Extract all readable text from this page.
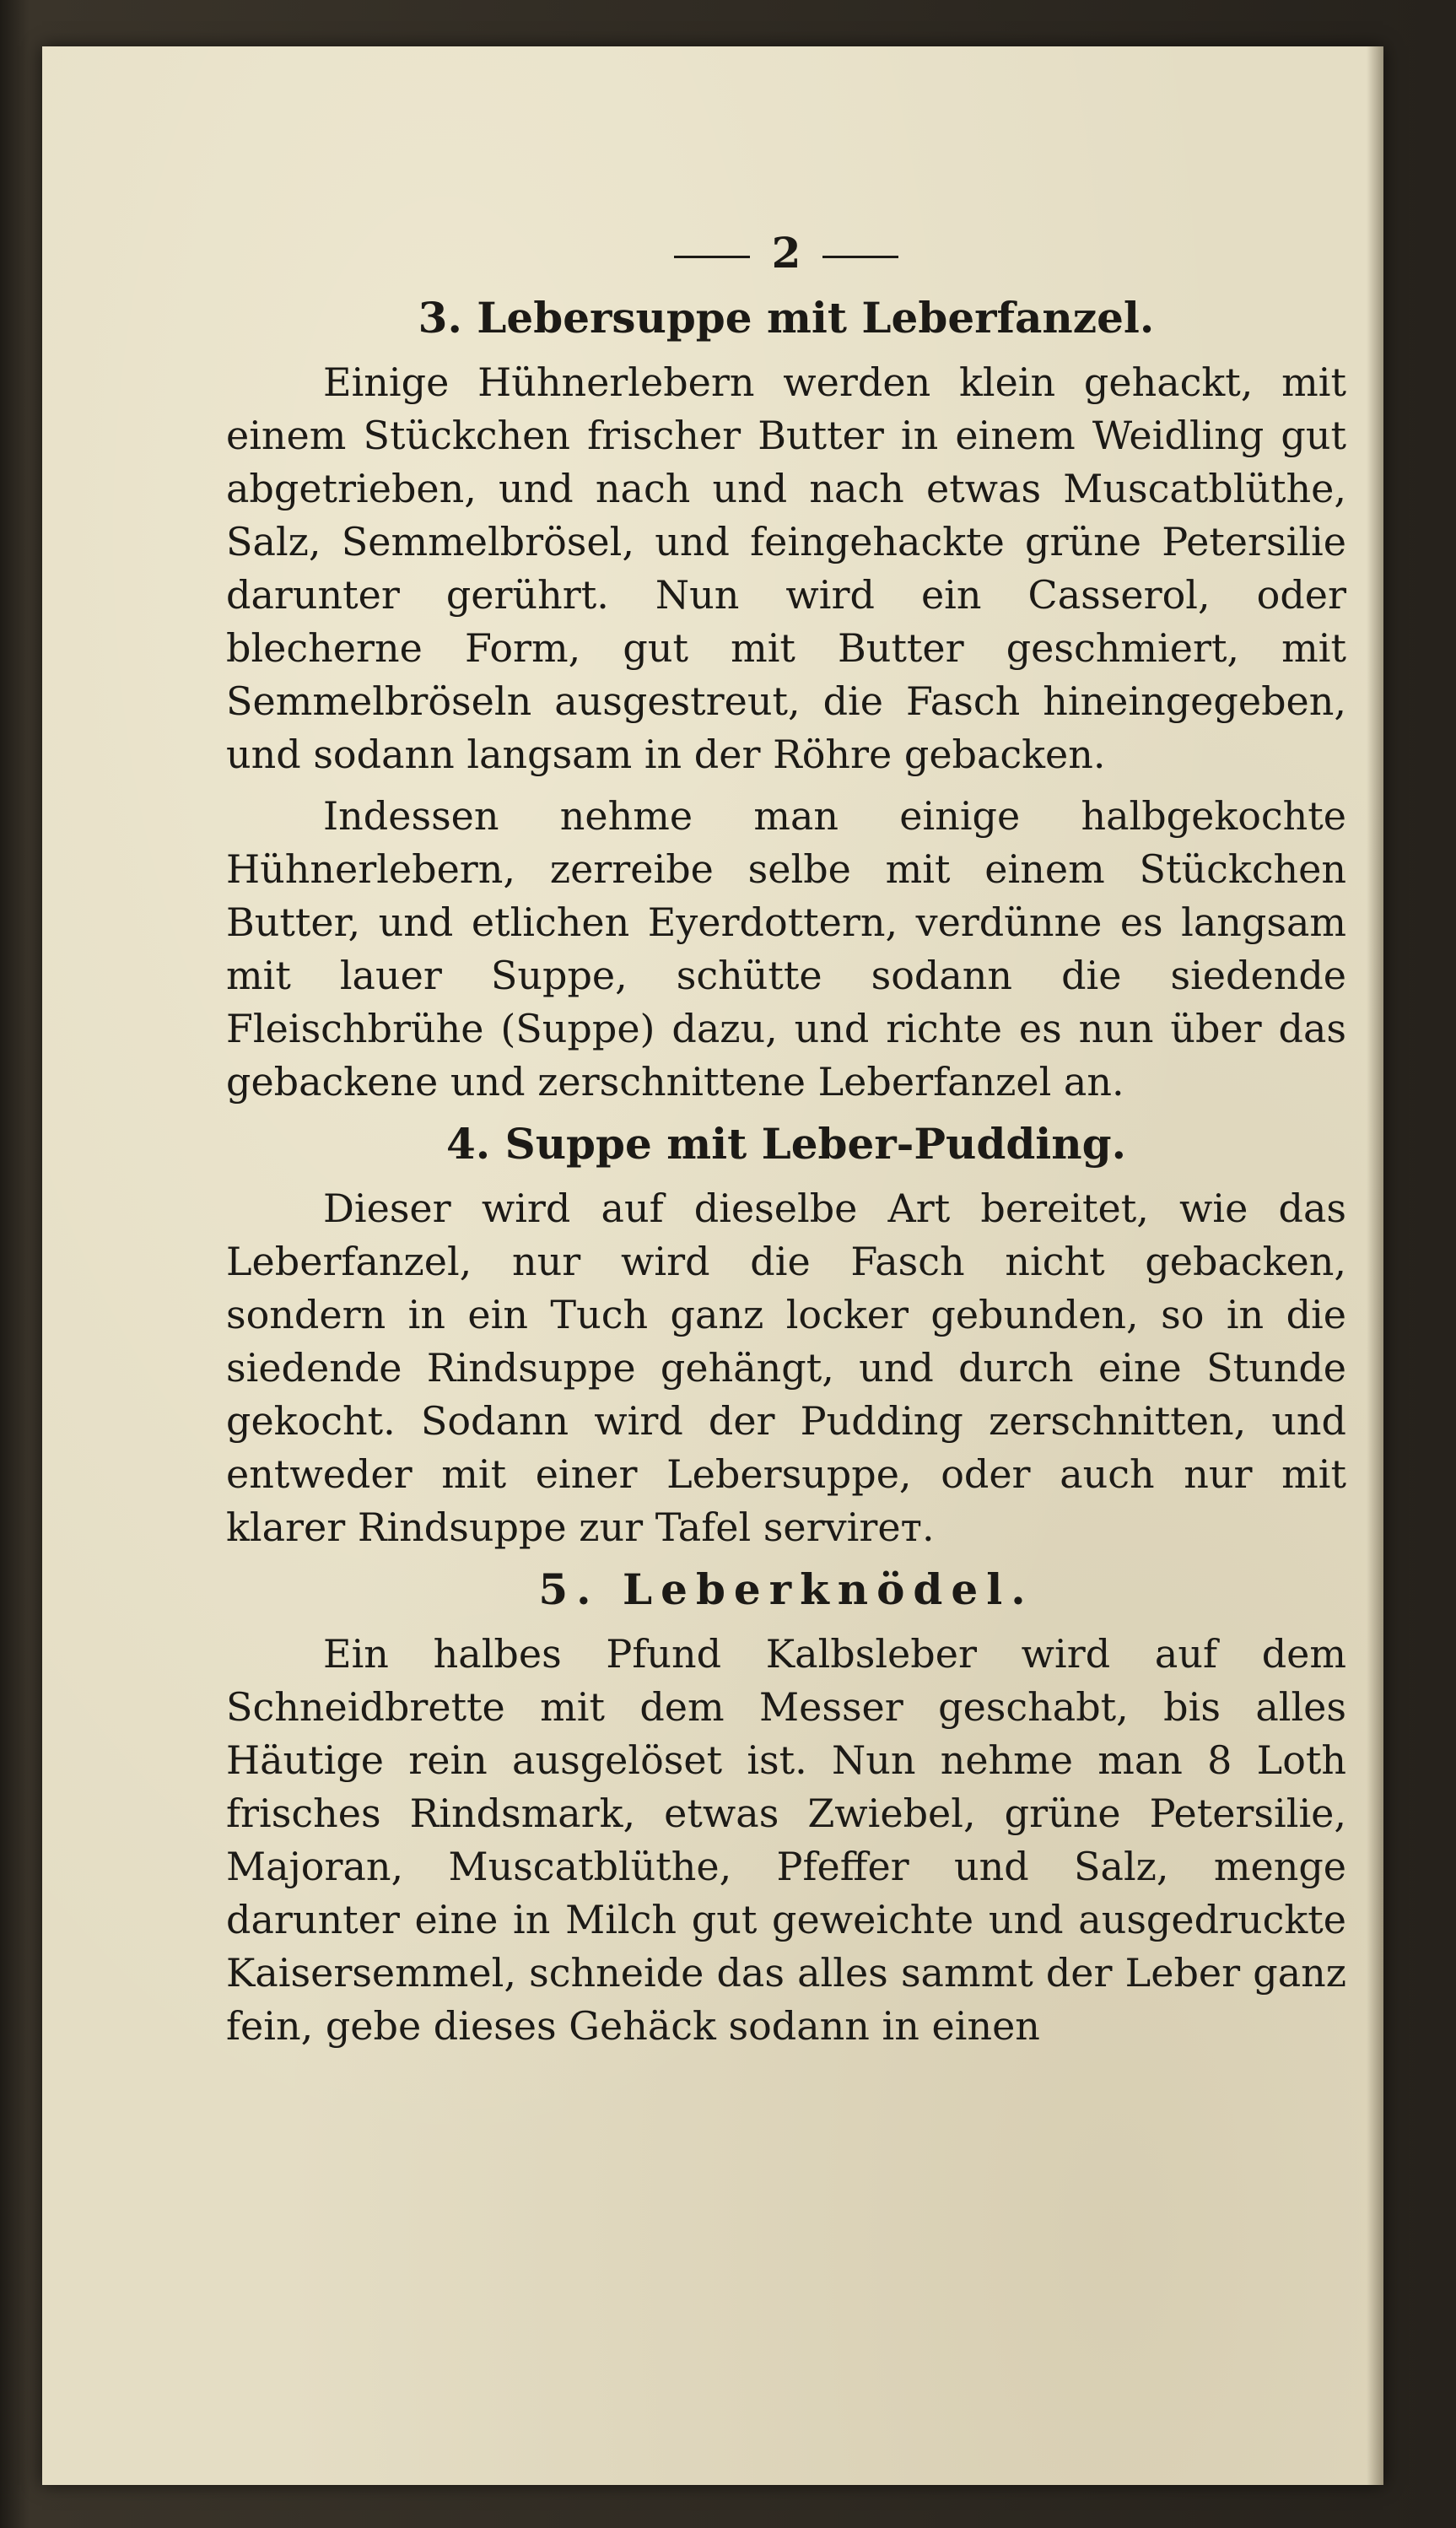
2
3. Lebersuppe mit Leberfanzel.

Einige Hühnerlebern werden klein gehackt, mit einem Stückchen frischer Butter in einem Weidling gut abgetrieben, und nach und nach etwas Muscatblüthe, Salz, Semmelbrösel, und feingehackte grüne Petersilie darunter gerührt. Nun wird ein Casserol, oder blecherne Form, gut mit Butter geschmiert, mit Semmelbröseln ausgestreut, die Fasch hineingegeben, und sodann langsam in der Röhre gebacken.

Indessen nehme man einige halbgekochte Hühnerlebern, zerreibe selbe mit einem Stückchen Butter, und etlichen Eyerdottern, verdünne es langsam mit lauer Suppe, schütte sodann die siedende Fleischbrühe (Suppe) dazu, und richte es nun über das gebackene und zerschnittene Leberfanzel an.

4. Suppe mit Leber-Pudding.

Dieser wird auf dieselbe Art bereitet, wie das Leberfanzel, nur wird die Fasch nicht gebacken, sondern in ein Tuch ganz locker gebunden, so in die siedende Rindsuppe gehängt, und durch eine Stunde gekocht. Sodann wird der Pudding zerschnitten, und entweder mit einer Lebersuppe, oder auch nur mit klarer Rindsuppe zur Tafel servirет.

5. Leberknödel.

Ein halbes Pfund Kalbsleber wird auf dem Schneidbrette mit dem Messer geschabt, bis alles Häutige rein ausgelöset ist. Nun nehme man 8 Loth frisches Rindsmark, etwas Zwiebel, grüne Petersilie, Majoran, Muscatblüthe, Pfeffer und Salz, menge darunter eine in Milch gut geweichte und ausgedruckte Kaisersemmel, schneide das alles sammt der Leber ganz fein, gebe dieses Gehäck sodann in einen
